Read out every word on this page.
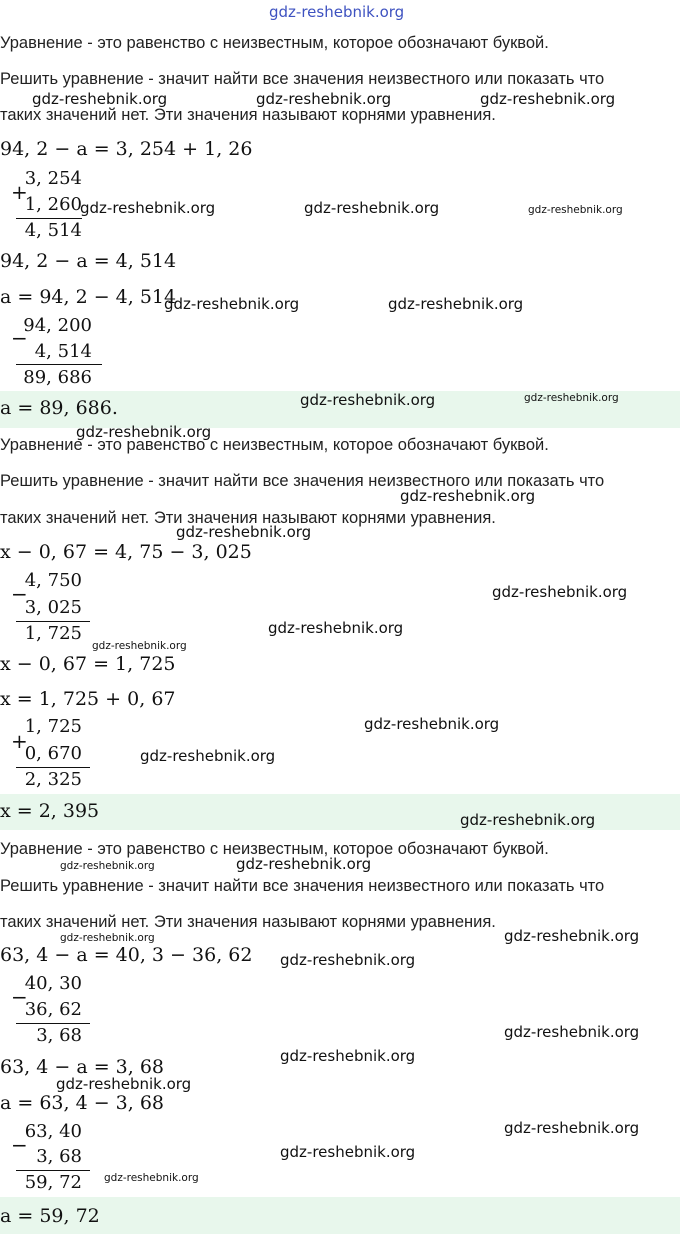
gdz-reshebnik.org
Уравнение - это равенство с неизвестным, которое обозначают буквой.
Решить уравнение - значит найти все значения неизвестного или показать что
таких значений нет. Эти значения называют корнями уравнения.
94, 2 − a = 3, 254 + 1, 26
+
3, 254
1, 260
4, 514
94, 2 − a = 4, 514
a = 94, 2 − 4, 514
−
94, 200
4, 514
89, 686
a = 89, 686.
Уравнение - это равенство с неизвестным, которое обозначают буквой.
Решить уравнение - значит найти все значения неизвестного или показать что
таких значений нет. Эти значения называют корнями уравнения.
x − 0, 67 = 4, 75 − 3, 025
−
4, 750
3, 025
1, 725
x − 0, 67 = 1, 725
x = 1, 725 + 0, 67
+
1, 725
0, 670
2, 325
x = 2, 395
Уравнение - это равенство с неизвестным, которое обозначают буквой.
Решить уравнение - значит найти все значения неизвестного или показать что
таких значений нет. Эти значения называют корнями уравнения.
63, 4 − a = 40, 3 − 36, 62
−
40, 30
36, 62
3, 68
63, 4 − a = 3, 68
a = 63, 4 − 3, 68
−
63, 40
3, 68
59, 72
a = 59, 72
gdz-reshebnik.org	gdz-reshebnik.org	gdz-reshebnik.org
gdz-reshebnik.org	gdz-reshebnik.org	gdz-reshebnik.org
gdz-reshebnik.org	gdz-reshebnik.org
gdz-reshebnik.org	gdz-reshebnik.org
gdz-reshebnik.org
gdz-reshebnik.org
gdz-reshebnik.org
gdz-reshebnik.org
gdz-reshebnik.org
gdz-reshebnik.org
gdz-reshebnik.org
gdz-reshebnik.org
gdz-reshebnik.org
gdz-reshebnik.org
gdz-reshebnik.org
gdz-reshebnik.org	gdz-reshebnik.org
gdz-reshebnik.org
gdz-reshebnik.org
gdz-reshebnik.org
gdz-reshebnik.org
gdz-reshebnik.org
gdz-reshebnik.org
gdz-reshebnik.org
